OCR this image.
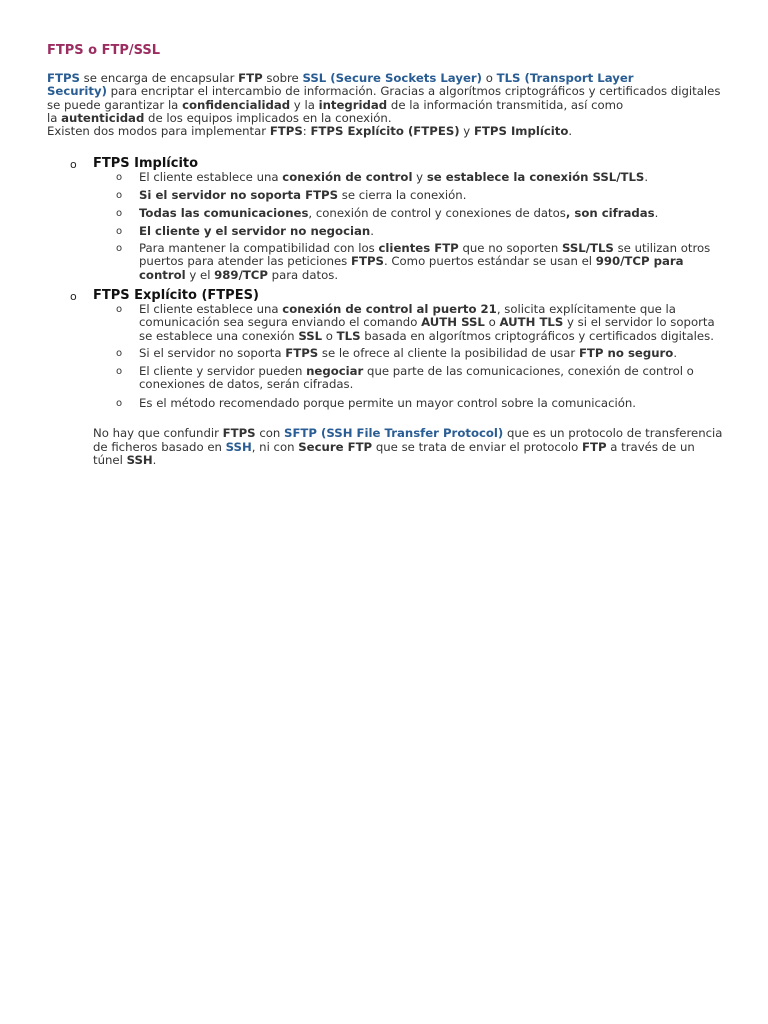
FTPS o FTP/SSL
FTPS se encarga de encapsular FTP sobre SSL (Secure Sockets Layer) o TLS (Transport Layer
Security) para encriptar el intercambio de información. Gracias a algorítmos criptográficos y certificados digitales
se puede garantizar la confidencialidad y la integridad de la información transmitida, así como
la autenticidad de los equipos implicados en la conexión.
Existen dos modos para implementar FTPS: FTPS Explícito (FTPES) y FTPS Implícito.
o FTPS Implícito
o El cliente establece una conexión de control y se establece la conexión SSL/TLS.
o Si el servidor no soporta FTPS se cierra la conexión.
o Todas las comunicaciones, conexión de control y conexiones de datos, son cifradas.
o El cliente y el servidor no negocian.
o Para mantener la compatibilidad con los clientes FTP que no soporten SSL/TLS se utilizan otros
puertos para atender las peticiones FTPS. Como puertos estándar se usan el 990/TCP para
control y el 989/TCP para datos.
o FTPS Explícito (FTPES)
o El cliente establece una conexión de control al puerto 21, solicita explícitamente que la
comunicación sea segura enviando el comando AUTH SSL o AUTH TLS y si el servidor lo soporta
se establece una conexión SSL o TLS basada en algorítmos criptográficos y certificados digitales.
o Si el servidor no soporta FTPS se le ofrece al cliente la posibilidad de usar FTP no seguro.
o El cliente y servidor pueden negociar que parte de las comunicaciones, conexión de control o
conexiones de datos, serán cifradas.
o Es el método recomendado porque permite un mayor control sobre la comunicación.
No hay que confundir FTPS con SFTP (SSH File Transfer Protocol) que es un protocolo de transferencia
de ficheros basado en SSH, ni con Secure FTP que se trata de enviar el protocolo FTP a través de un
túnel SSH.
